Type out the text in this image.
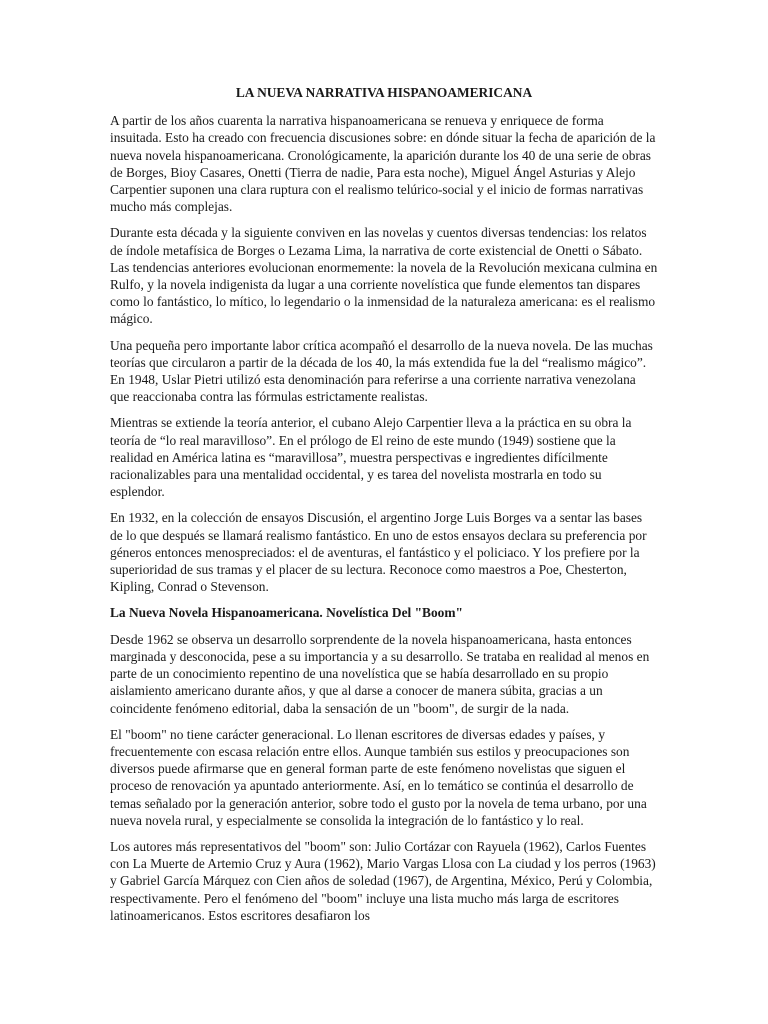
LA NUEVA NARRATIVA HISPANOAMERICANA

A partir de los años cuarenta la narrativa hispanoamericana se renueva y enriquece de forma insuitada. Esto ha creado con frecuencia discusiones sobre: en dónde situar la fecha de aparición de la nueva novela hispanoamericana. Cronológicamente, la aparición durante los 40 de una serie de obras de Borges, Bioy Casares, Onetti (Tierra de nadie, Para esta noche), Miguel Ángel Asturias y Alejo Carpentier suponen una clara ruptura con el realismo telúrico-social y el inicio de formas narrativas mucho más complejas.

Durante esta década y la siguiente conviven en las novelas y cuentos diversas tendencias: los relatos de índole metafísica de Borges o Lezama Lima, la narrativa de corte existencial de Onetti o Sábato. Las tendencias anteriores evolucionan enormemente: la novela de la Revolución mexicana culmina en Rulfo, y la novela indigenista da lugar a una corriente novelística que funde elementos tan dispares como lo fantástico, lo mítico, lo legendario o la inmensidad de la naturaleza americana: es el realismo mágico.

Una pequeña pero importante labor crítica acompañó el desarrollo de la nueva novela. De las muchas teorías que circularon a partir de la década de los 40, la más extendida fue la del “realismo mágico”. En 1948, Uslar Pietri utilizó esta denominación para referirse a una corriente narrativa venezolana que reaccionaba contra las fórmulas estrictamente realistas.

Mientras se extiende la teoría anterior, el cubano Alejo Carpentier lleva a la práctica en su obra la teoría de “lo real maravilloso”. En el prólogo de El reino de este mundo (1949) sostiene que la realidad en América latina es “maravillosa”, muestra perspectivas e ingredientes difícilmente racionalizables para una mentalidad occidental, y es tarea del novelista mostrarla en todo su esplendor.

En 1932, en la colección de ensayos Discusión, el argentino Jorge Luis Borges va a sentar las bases de lo que después se llamará realismo fantástico. En uno de estos ensayos declara su preferencia por géneros entonces menospreciados: el de aventuras, el fantástico y el policiaco. Y los prefiere por la superioridad de sus tramas y el placer de su lectura. Reconoce como maestros a Poe, Chesterton, Kipling, Conrad o Stevenson.

La Nueva Novela Hispanoamericana. Novelística Del "Boom"

Desde 1962 se observa un desarrollo sorprendente de la novela hispanoamericana, hasta entonces marginada y desconocida, pese a su importancia y a su desarrollo. Se trataba en realidad al menos en parte de un conocimiento repentino de una novelística que se había desarrollado en su propio aislamiento americano durante años, y que al darse a conocer de manera súbita, gracias a un coincidente fenómeno editorial, daba la sensación de un "boom", de surgir de la nada.

El "boom" no tiene carácter generacional. Lo llenan escritores de diversas edades y países, y frecuentemente con escasa relación entre ellos. Aunque también sus estilos y preocupaciones son diversos puede afirmarse que en general forman parte de este fenómeno novelistas que siguen el proceso de renovación ya apuntado anteriormente. Así, en lo temático se continúa el desarrollo de temas señalado por la generación anterior, sobre todo el gusto por la novela de tema urbano, por una nueva novela rural, y especialmente se consolida la integración de lo fantástico y lo real.

Los autores más representativos del "boom" son: Julio Cortázar con Rayuela (1962), Carlos Fuentes con La Muerte de Artemio Cruz y Aura (1962), Mario Vargas Llosa con La ciudad y los perros (1963) y Gabriel García Márquez con Cien años de soledad (1967), de Argentina, México, Perú y Colombia, respectivamente. Pero el fenómeno del "boom" incluye una lista mucho más larga de escritores latinoamericanos. Estos escritores desafiaron los
